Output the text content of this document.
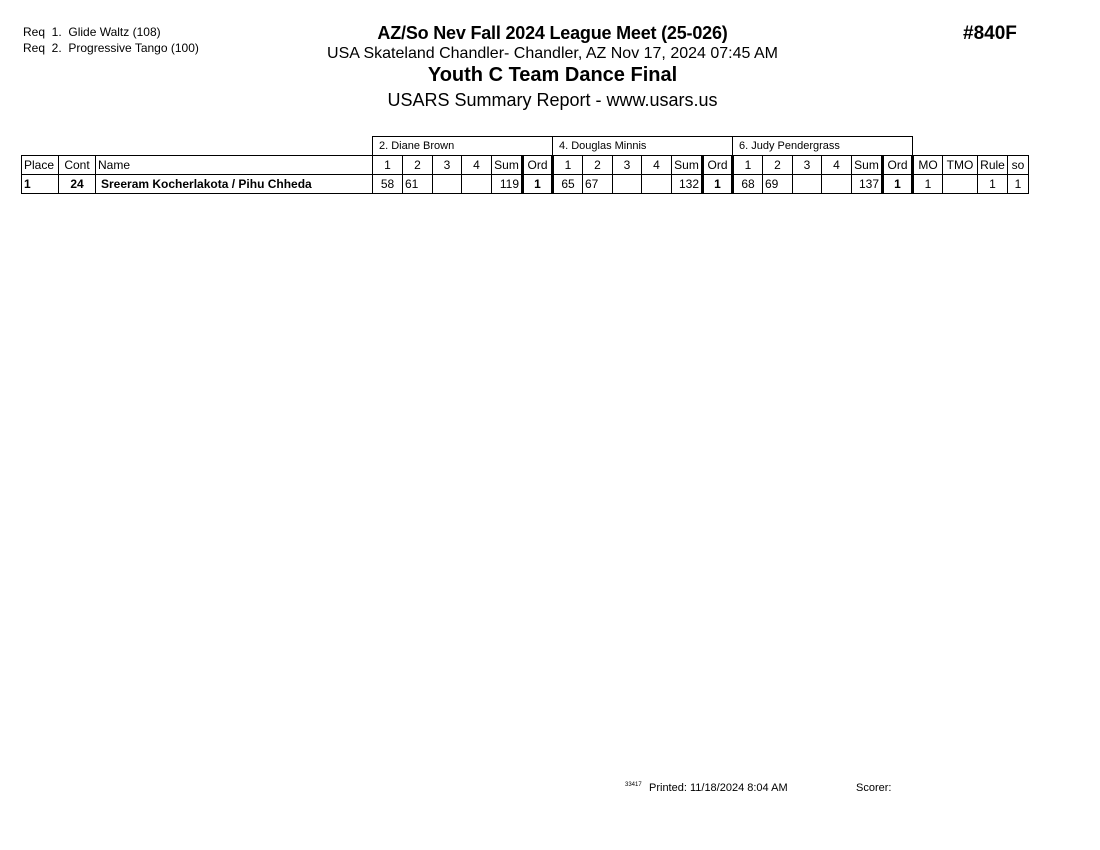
Req  1.  Glide Waltz (108)
Req  2.  Progressive Tango (100)
AZ/So Nev Fall 2024 League Meet (25-026)
USA Skateland Chandler- Chandler, AZ Nov 17, 2024 07:45 AM
Youth C Team Dance Final
USARS Summary Report - www.usars.us
#840F
			2. Diane Brown						4. Douglas Minnis						6. Judy Pendergrass									
Place	Cont	Name	1	2	3	4	Sum	Ord	1	2	3	4	Sum	Ord	1	2	3	4	Sum	Ord	MO	TMO	Rule	so
1	24	Sreeram Kocherlakota / Pihu Chheda	58	61			119	1	65	67			132	1	68	69			137	1	1		1	1
33417 Printed: 11/18/2024 8:04 AM	Scorer:
